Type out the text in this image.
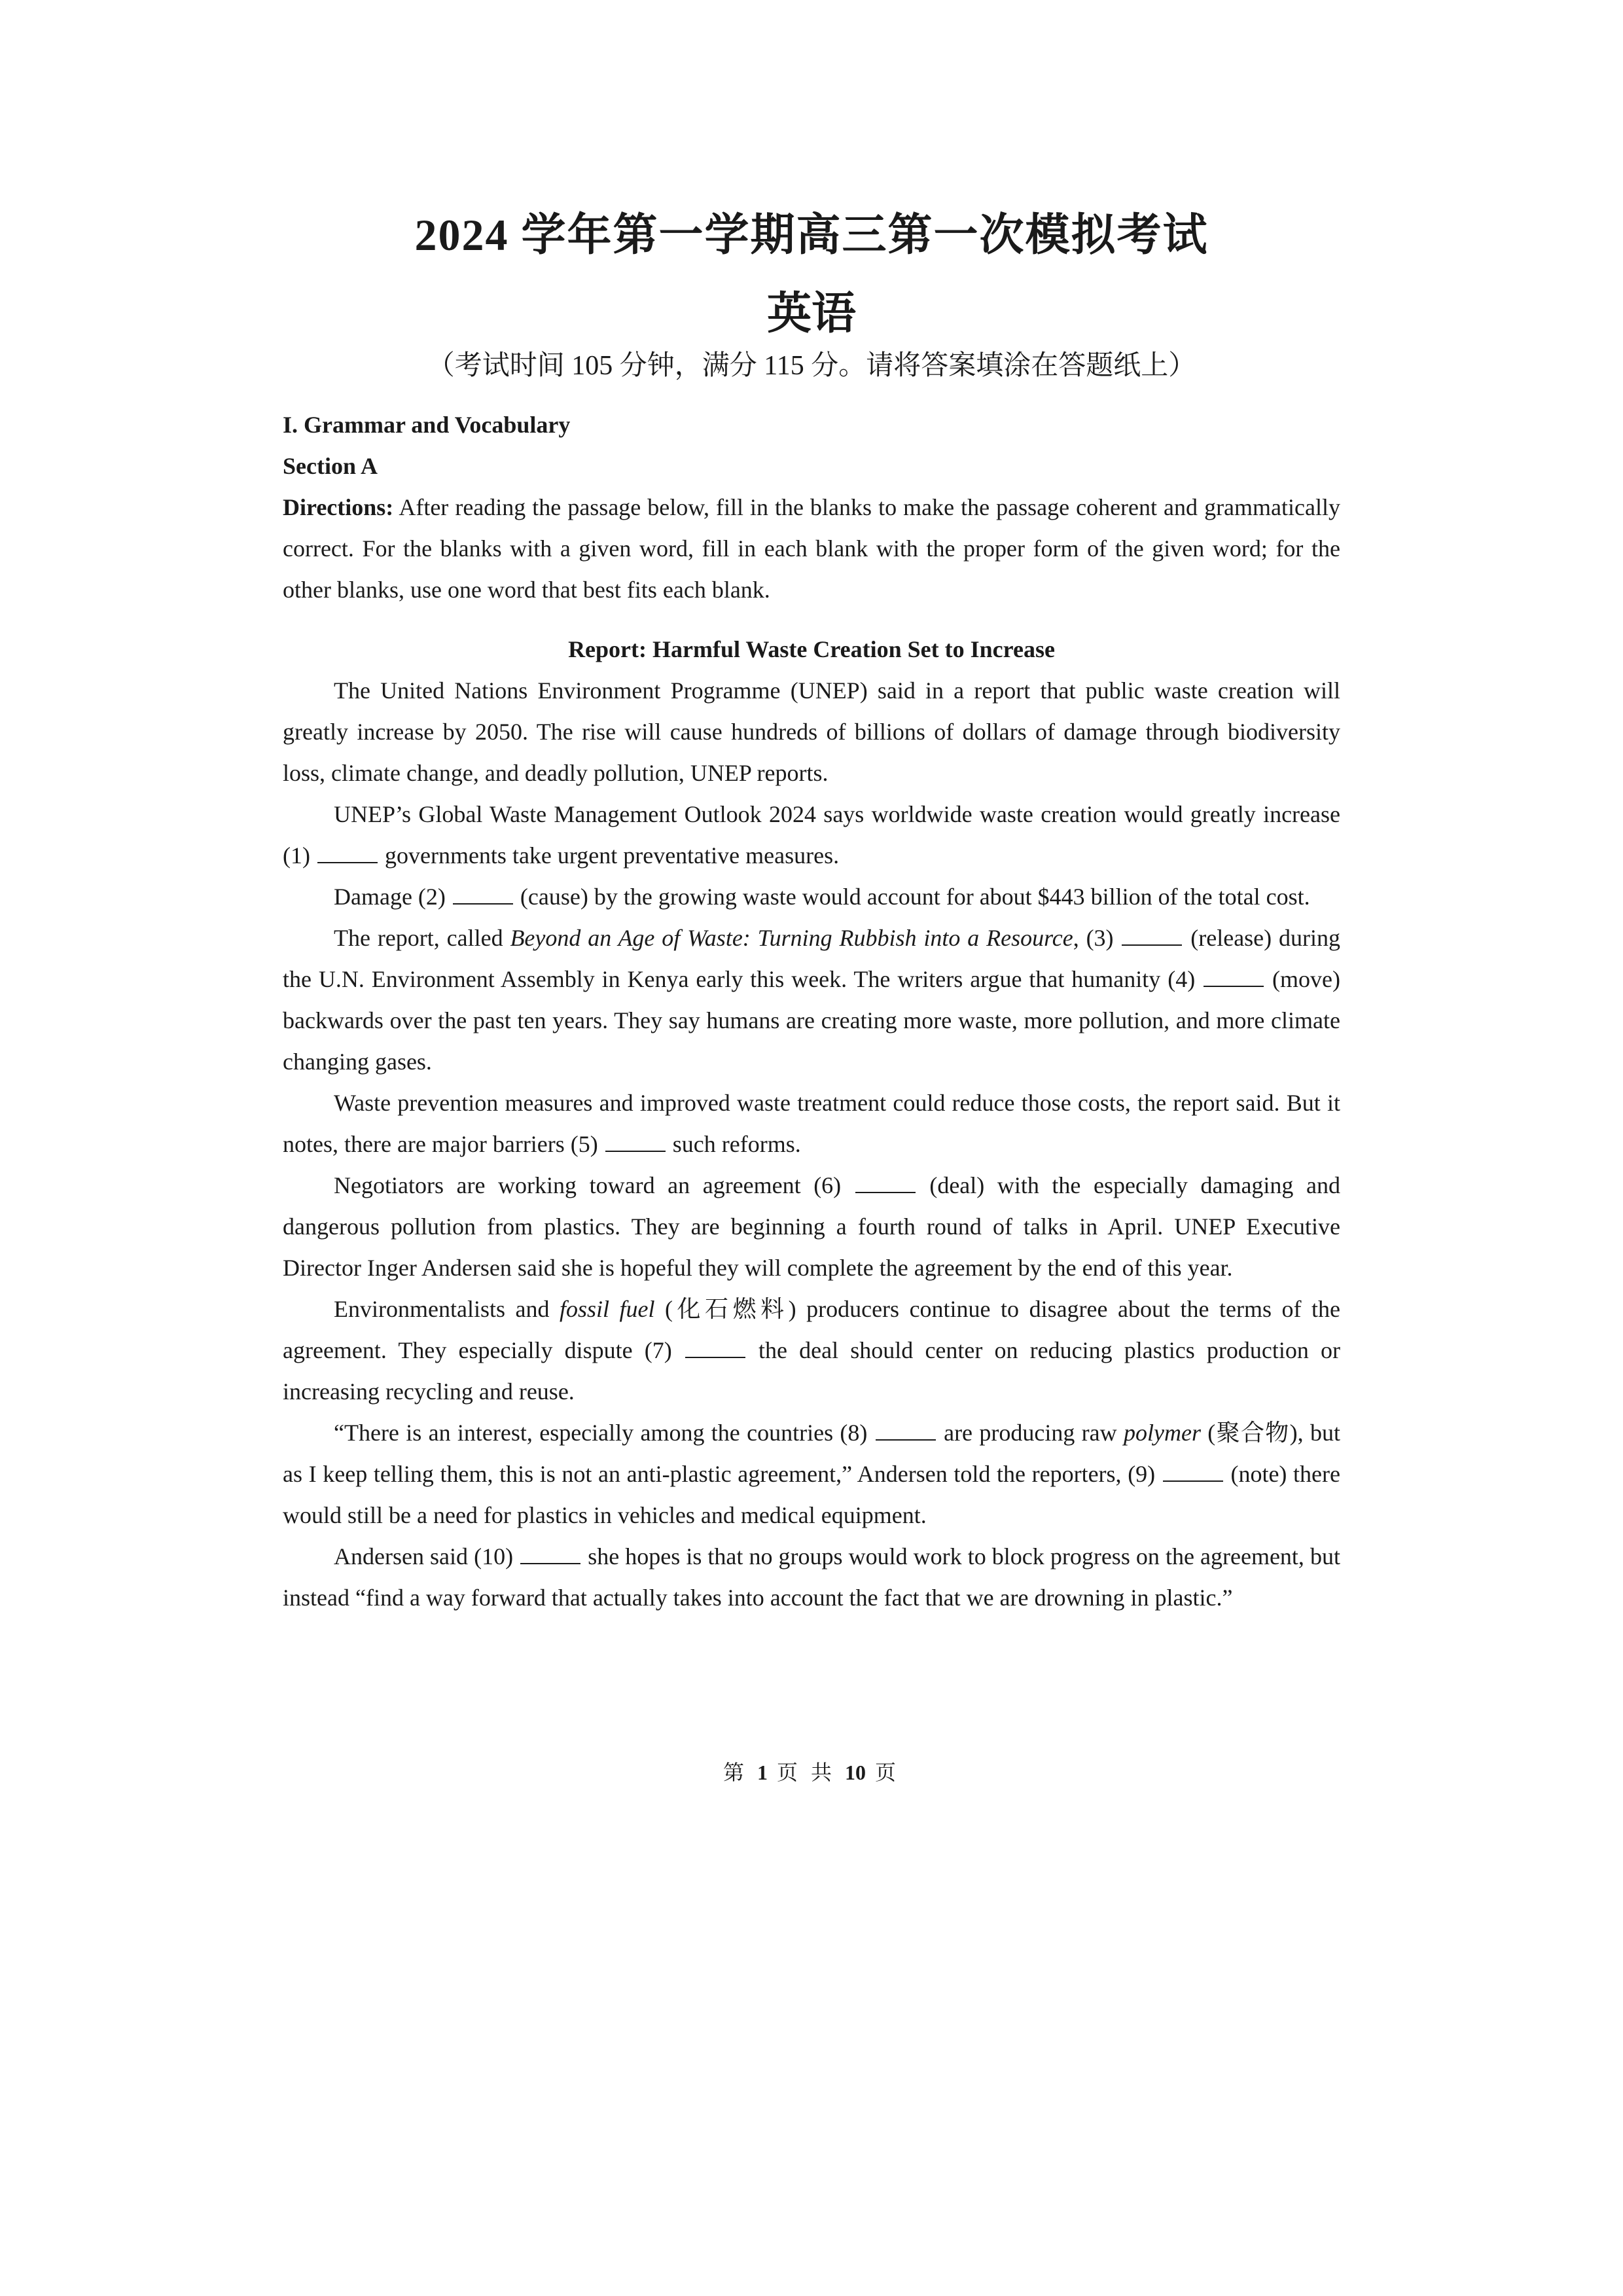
2024 学年第一学期高三第一次模拟考试
英语

（考试时间 105 分钟，满分 115 分。请将答案填涂在答题纸上）

I. Grammar and Vocabulary

Section A

Directions: After reading the passage below, fill in the blanks to make the passage coherent and grammatically correct. For the blanks with a given word, fill in each blank with the proper form of the given word; for the other blanks, use one word that best fits each blank.

Report: Harmful Waste Creation Set to Increase

The United Nations Environment Programme (UNEP) said in a report that public waste creation will greatly increase by 2050. The rise will cause hundreds of billions of dollars of damage through biodiversity loss, climate change, and deadly pollution, UNEP reports.

UNEP’s Global Waste Management Outlook 2024 says worldwide waste creation would greatly increase (1)	governments take urgent preventative measures.

Damage (2)	(cause) by the growing waste would account for about $443 billion of the total cost.

The report, called Beyond an Age of Waste: Turning Rubbish into a Resource, (3)	(release) during the U.N. Environment Assembly in Kenya early this week. The writers argue that humanity (4)	(move) backwards over the past ten years. They say humans are creating more waste, more pollution, and more climate changing gases.

Waste prevention measures and improved waste treatment could reduce those costs, the report said. But it notes, there are major barriers (5)	such reforms.

Negotiators are working toward an agreement (6)	(deal) with the especially damaging and dangerous pollution from plastics. They are beginning a fourth round of talks in April. UNEP Executive Director Inger Andersen said she is hopeful they will complete the agreement by the end of this year.

Environmentalists and fossil fuel (化石燃料) producers continue to disagree about the terms of the agreement. They especially dispute (7)	the deal should center on reducing plastics production or increasing recycling and reuse.

“There is an interest, especially among the countries (8)	are producing raw polymer (聚合物), but as I keep telling them, this is not an anti-plastic agreement,” Andersen told the reporters, (9)	(note) there would still be a need for plastics in vehicles and medical equipment.

Andersen said (10)	she hopes is that no groups would work to block progress on the agreement, but instead “find a way forward that actually takes into account the fact that we are drowning in plastic.”

第 1 页 共 10 页
